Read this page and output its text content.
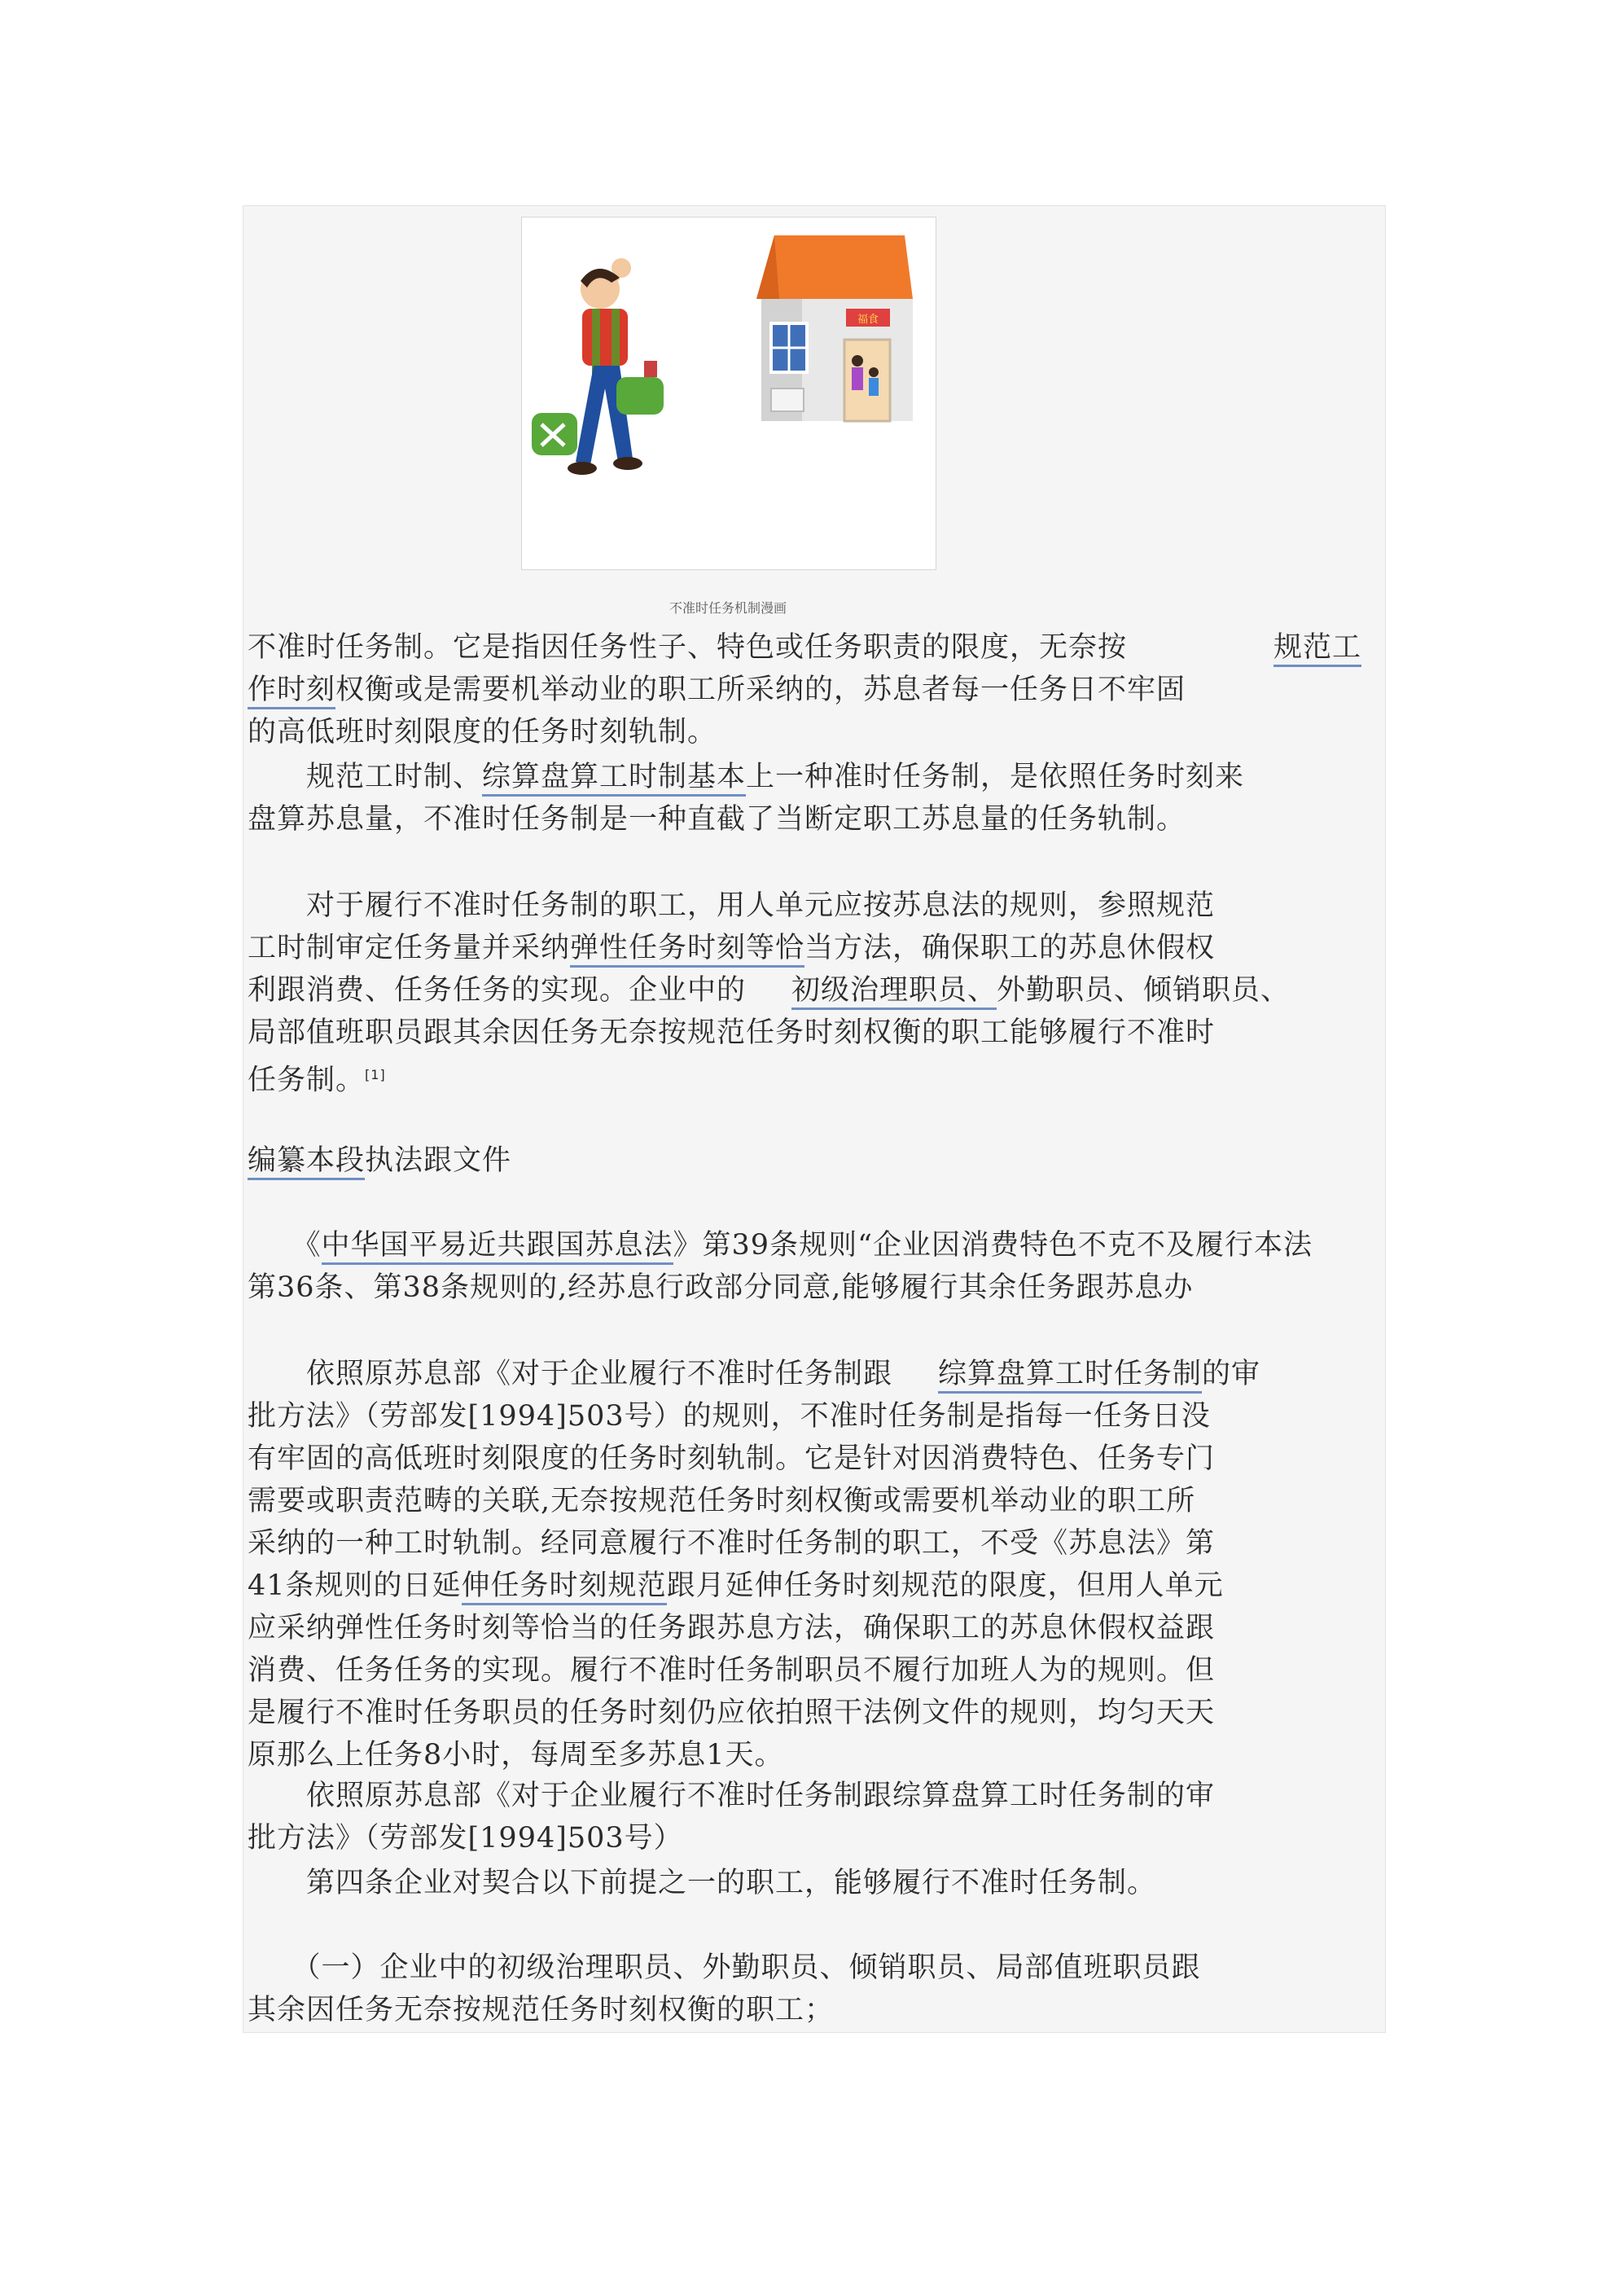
福食
不准时任务机制漫画
不准时任务制。它是指因任务性子、特色或任务职责的限度，无奈按	规范工
作时刻权衡或是需要机举动业的职工所采纳的，苏息者每一任务日不牢固
的高低班时刻限度的任务时刻轨制。
　　规范工时制、综算盘算工时制基本上一种准时任务制，是依照任务时刻来
盘算苏息量，不准时任务制是一种直截了当断定职工苏息量的任务轨制。
　　对于履行不准时任务制的职工，用人单元应按苏息法的规则，参照规范
工时制审定任务量并采纳弹性任务时刻等恰当方法，确保职工的苏息休假权
利跟消费、任务任务的实现。企业中的 初级治理职员、外勤职员、倾销职员、
局部值班职员跟其余因任务无奈按规范任务时刻权衡的职工能够履行不准时
任务制。[1]
编纂本段执法跟文件
　　《中华国平易近共跟国苏息法》第39条规则“企业因消费特色不克不及履行本法
第36条、第38条规则的,经苏息行政部分同意,能够履行其余任务跟苏息办
　　依照原苏息部《对于企业履行不准时任务制跟 综算盘算工时任务制的审
批方法》（劳部发[1994]503号）的规则，不准时任务制是指每一任务日没
有牢固的高低班时刻限度的任务时刻轨制。它是针对因消费特色、任务专门
需要或职责范畴的关联,无奈按规范任务时刻权衡或需要机举动业的职工所
采纳的一种工时轨制。经同意履行不准时任务制的职工，不受《苏息法》第
41条规则的日延伸任务时刻规范跟月延伸任务时刻规范的限度，但用人单元
应采纳弹性任务时刻等恰当的任务跟苏息方法，确保职工的苏息休假权益跟
消费、任务任务的实现。履行不准时任务制职员不履行加班人为的规则。但
是履行不准时任务职员的任务时刻仍应依拍照干法例文件的规则，均匀天天
原那么上任务8小时，每周至多苏息1天。
　　依照原苏息部《对于企业履行不准时任务制跟综算盘算工时任务制的审
批方法》（劳部发[1994]503号）
　　第四条企业对契合以下前提之一的职工，能够履行不准时任务制。
　　（一）企业中的初级治理职员、外勤职员、倾销职员、局部值班职员跟
其余因任务无奈按规范任务时刻权衡的职工；
